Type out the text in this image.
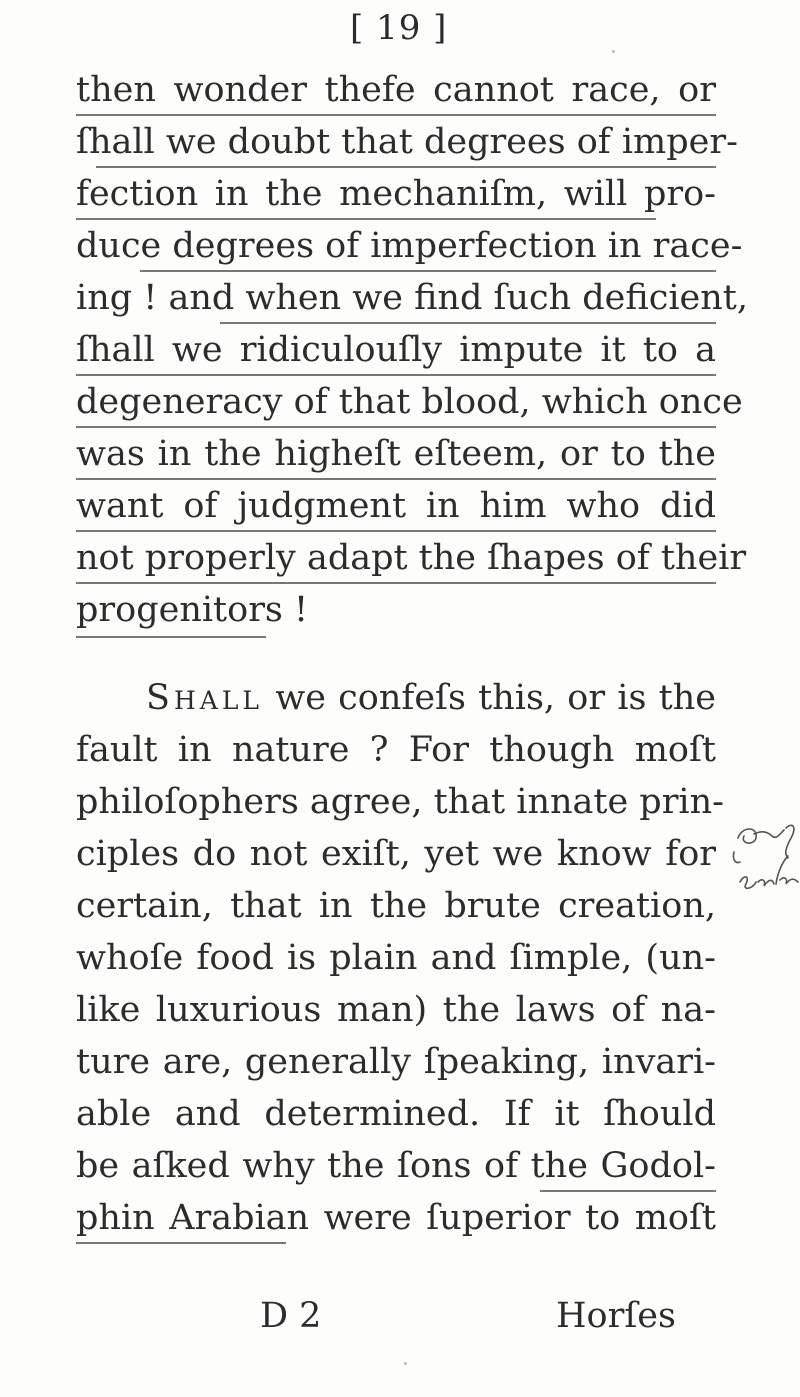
[ 19 ]
then wonder thefe cannot race, or
ſhall we doubt that degrees of imper-
fection in the mechaniſm, will pro-
duce degrees of imperfection in race-
ing ! and when we find ſuch deficient,
ſhall we ridiculouſly impute it to a
degeneracy of that blood, which once
was in the higheſt eſteem, or to the
want of judgment in him who did
not properly adapt the ſhapes of their
progenitors !
Shall we confeſs this, or is the
fault in nature ? For though moſt
philoſophers agree, that innate prin-
ciples do not exiſt, yet we know for
certain, that in the brute creation,
whoſe food is plain and ſimple, (un-
like luxurious man) the laws of na-
ture are, generally ſpeaking, invari-
able and determined. If it ſhould
be aſked why the ſons of the Godol-
phin Arabian were ſuperior to moſt
D 2	Horſes
